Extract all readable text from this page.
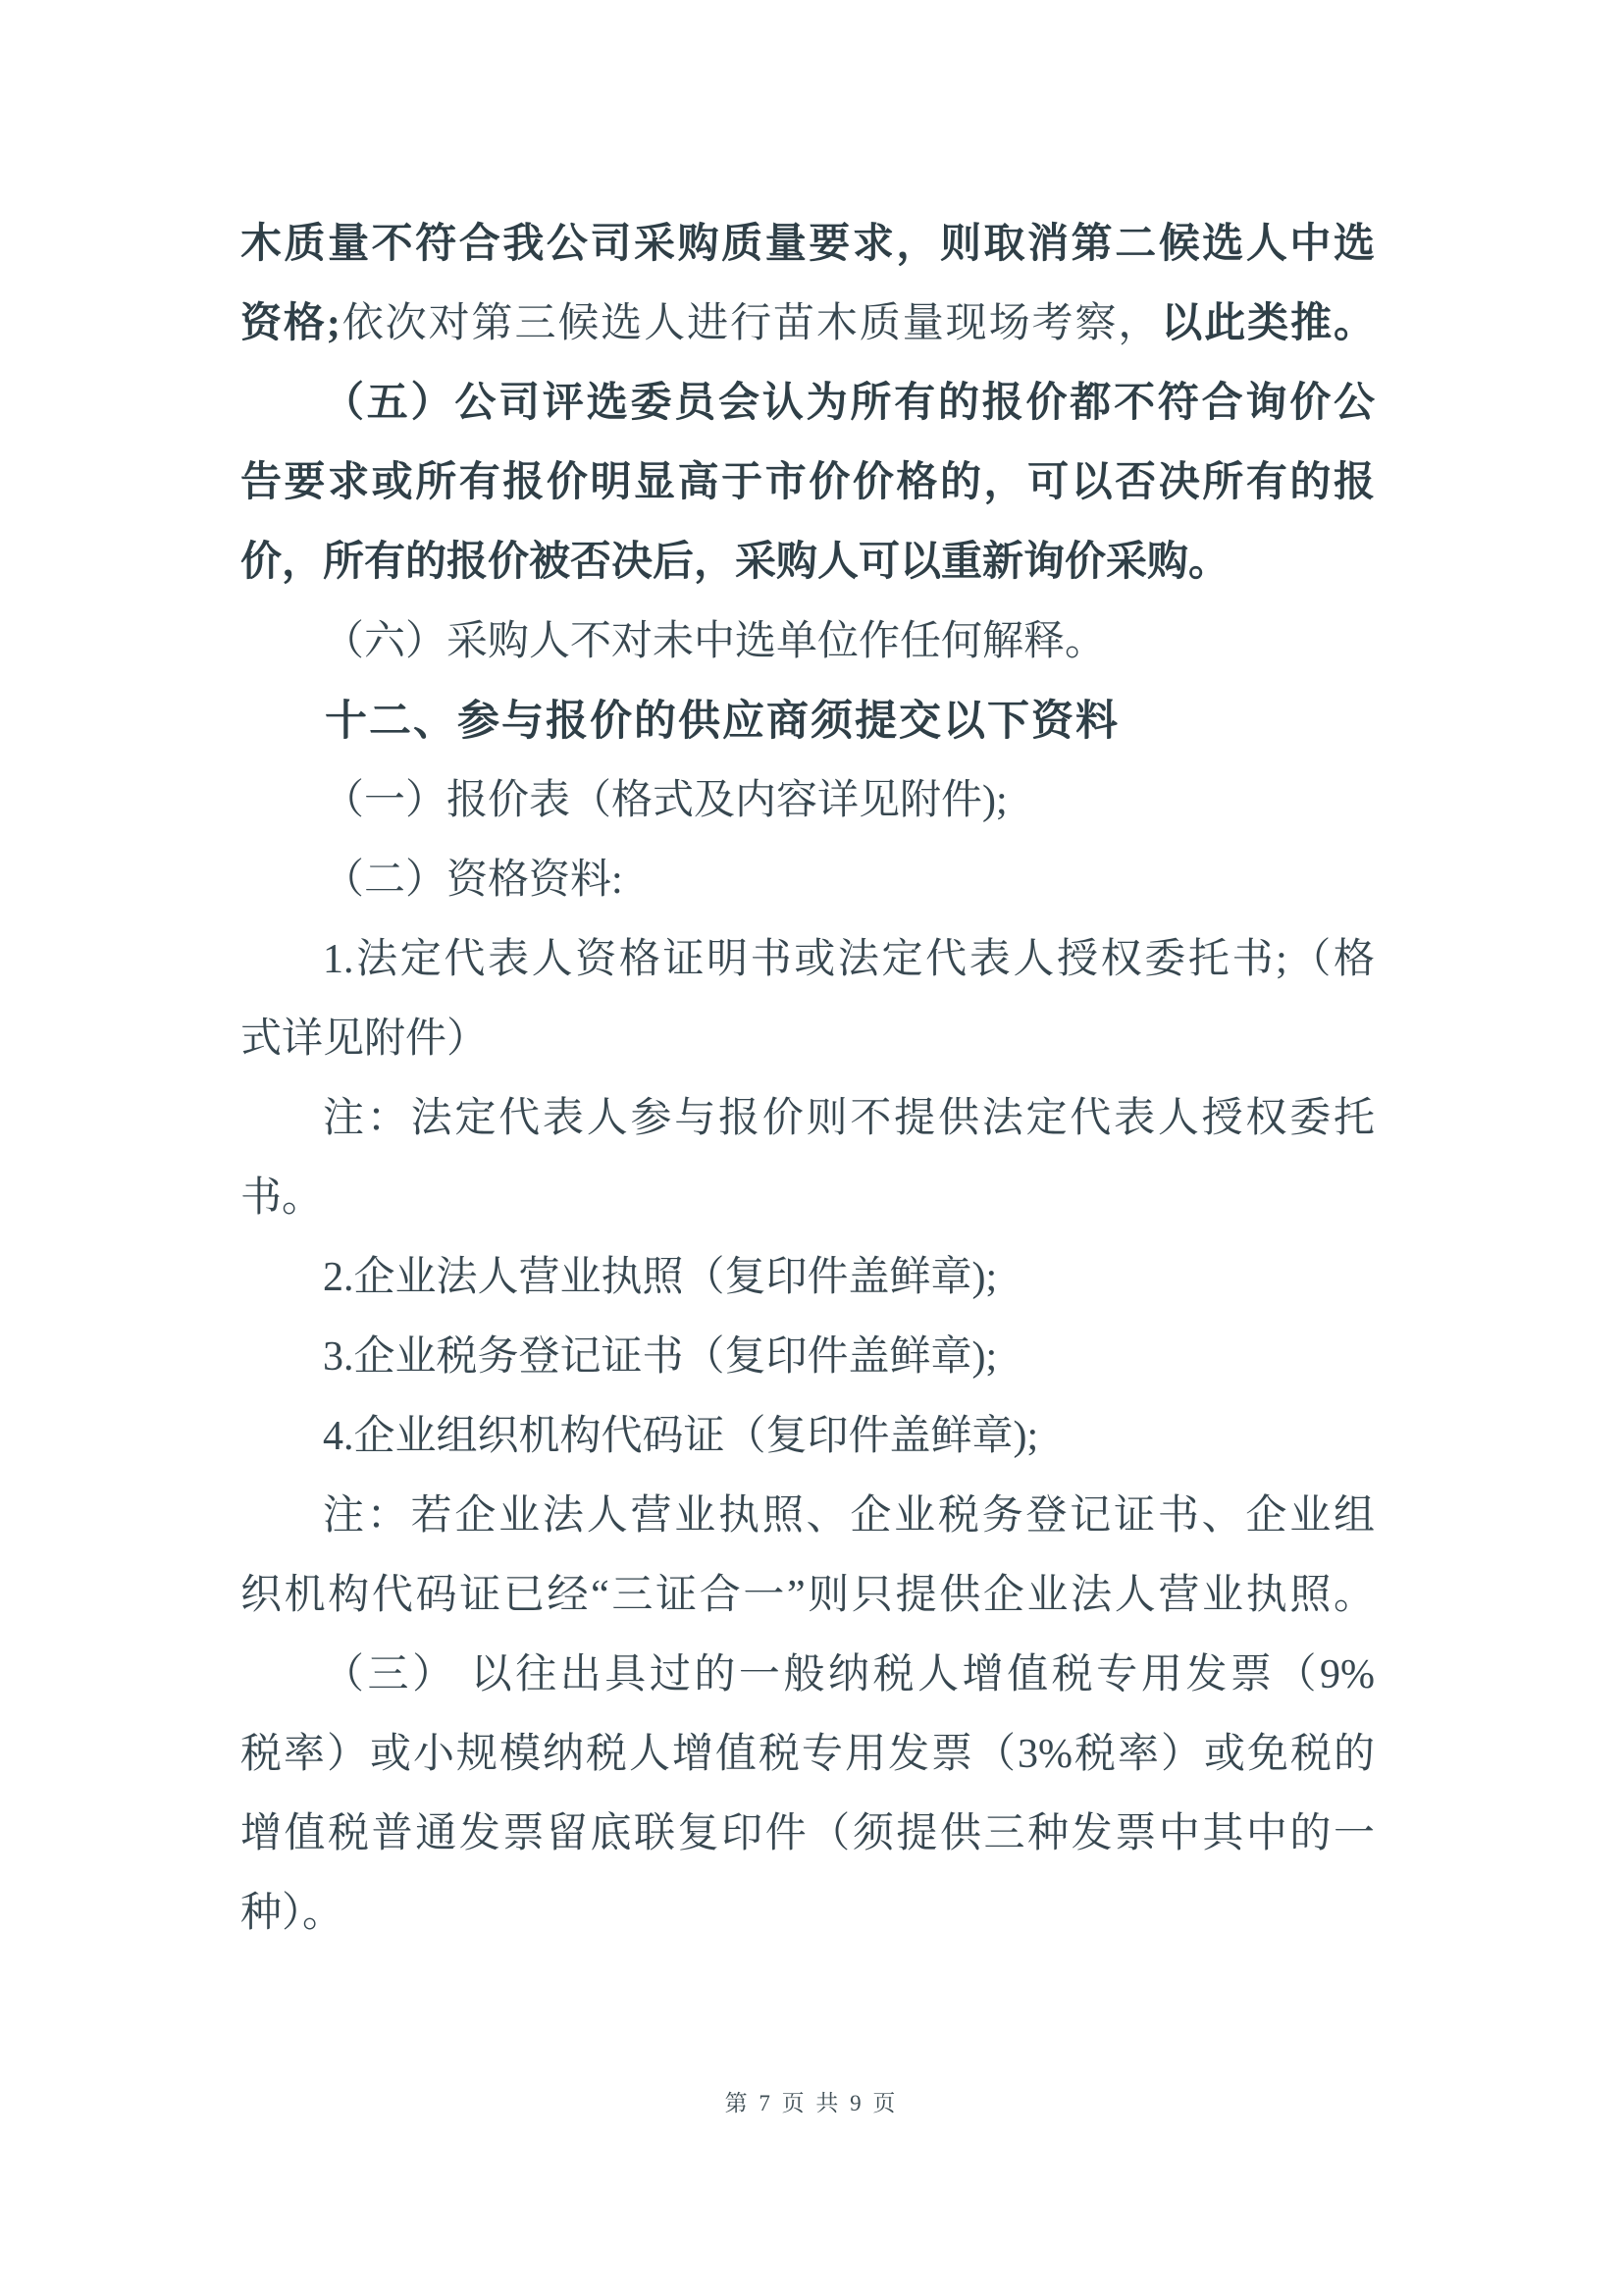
木质量不符合我公司采购质量要求，则取消第二候选人中选
资格;依次对第三候选人进行苗木质量现场考察，以此类推。
（五）公司评选委员会认为所有的报价都不符合询价公
告要求或所有报价明显高于市价价格的，可以否决所有的报
价，所有的报价被否决后，采购人可以重新询价采购。
（六）采购人不对未中选单位作任何解释。
十二、参与报价的供应商须提交以下资料
（一）报价表（格式及内容详见附件);
（二）资格资料:
1.法定代表人资格证明书或法定代表人授权委托书;（格
式详见附件）
注：法定代表人参与报价则不提供法定代表人授权委托
书。
2.企业法人营业执照（复印件盖鲜章);
3.企业税务登记证书（复印件盖鲜章);
4.企业组织机构代码证（复印件盖鲜章);
注：若企业法人营业执照、企业税务登记证书、企业组
织机构代码证已经“三证合一”则只提供企业法人营业执照。
（三） 以往出具过的一般纳税人增值税专用发票（9%
税率）或小规模纳税人增值税专用发票（3%税率）或免税的
增值税普通发票留底联复印件（须提供三种发票中其中的一
种）。
第 7 页 共 9 页
